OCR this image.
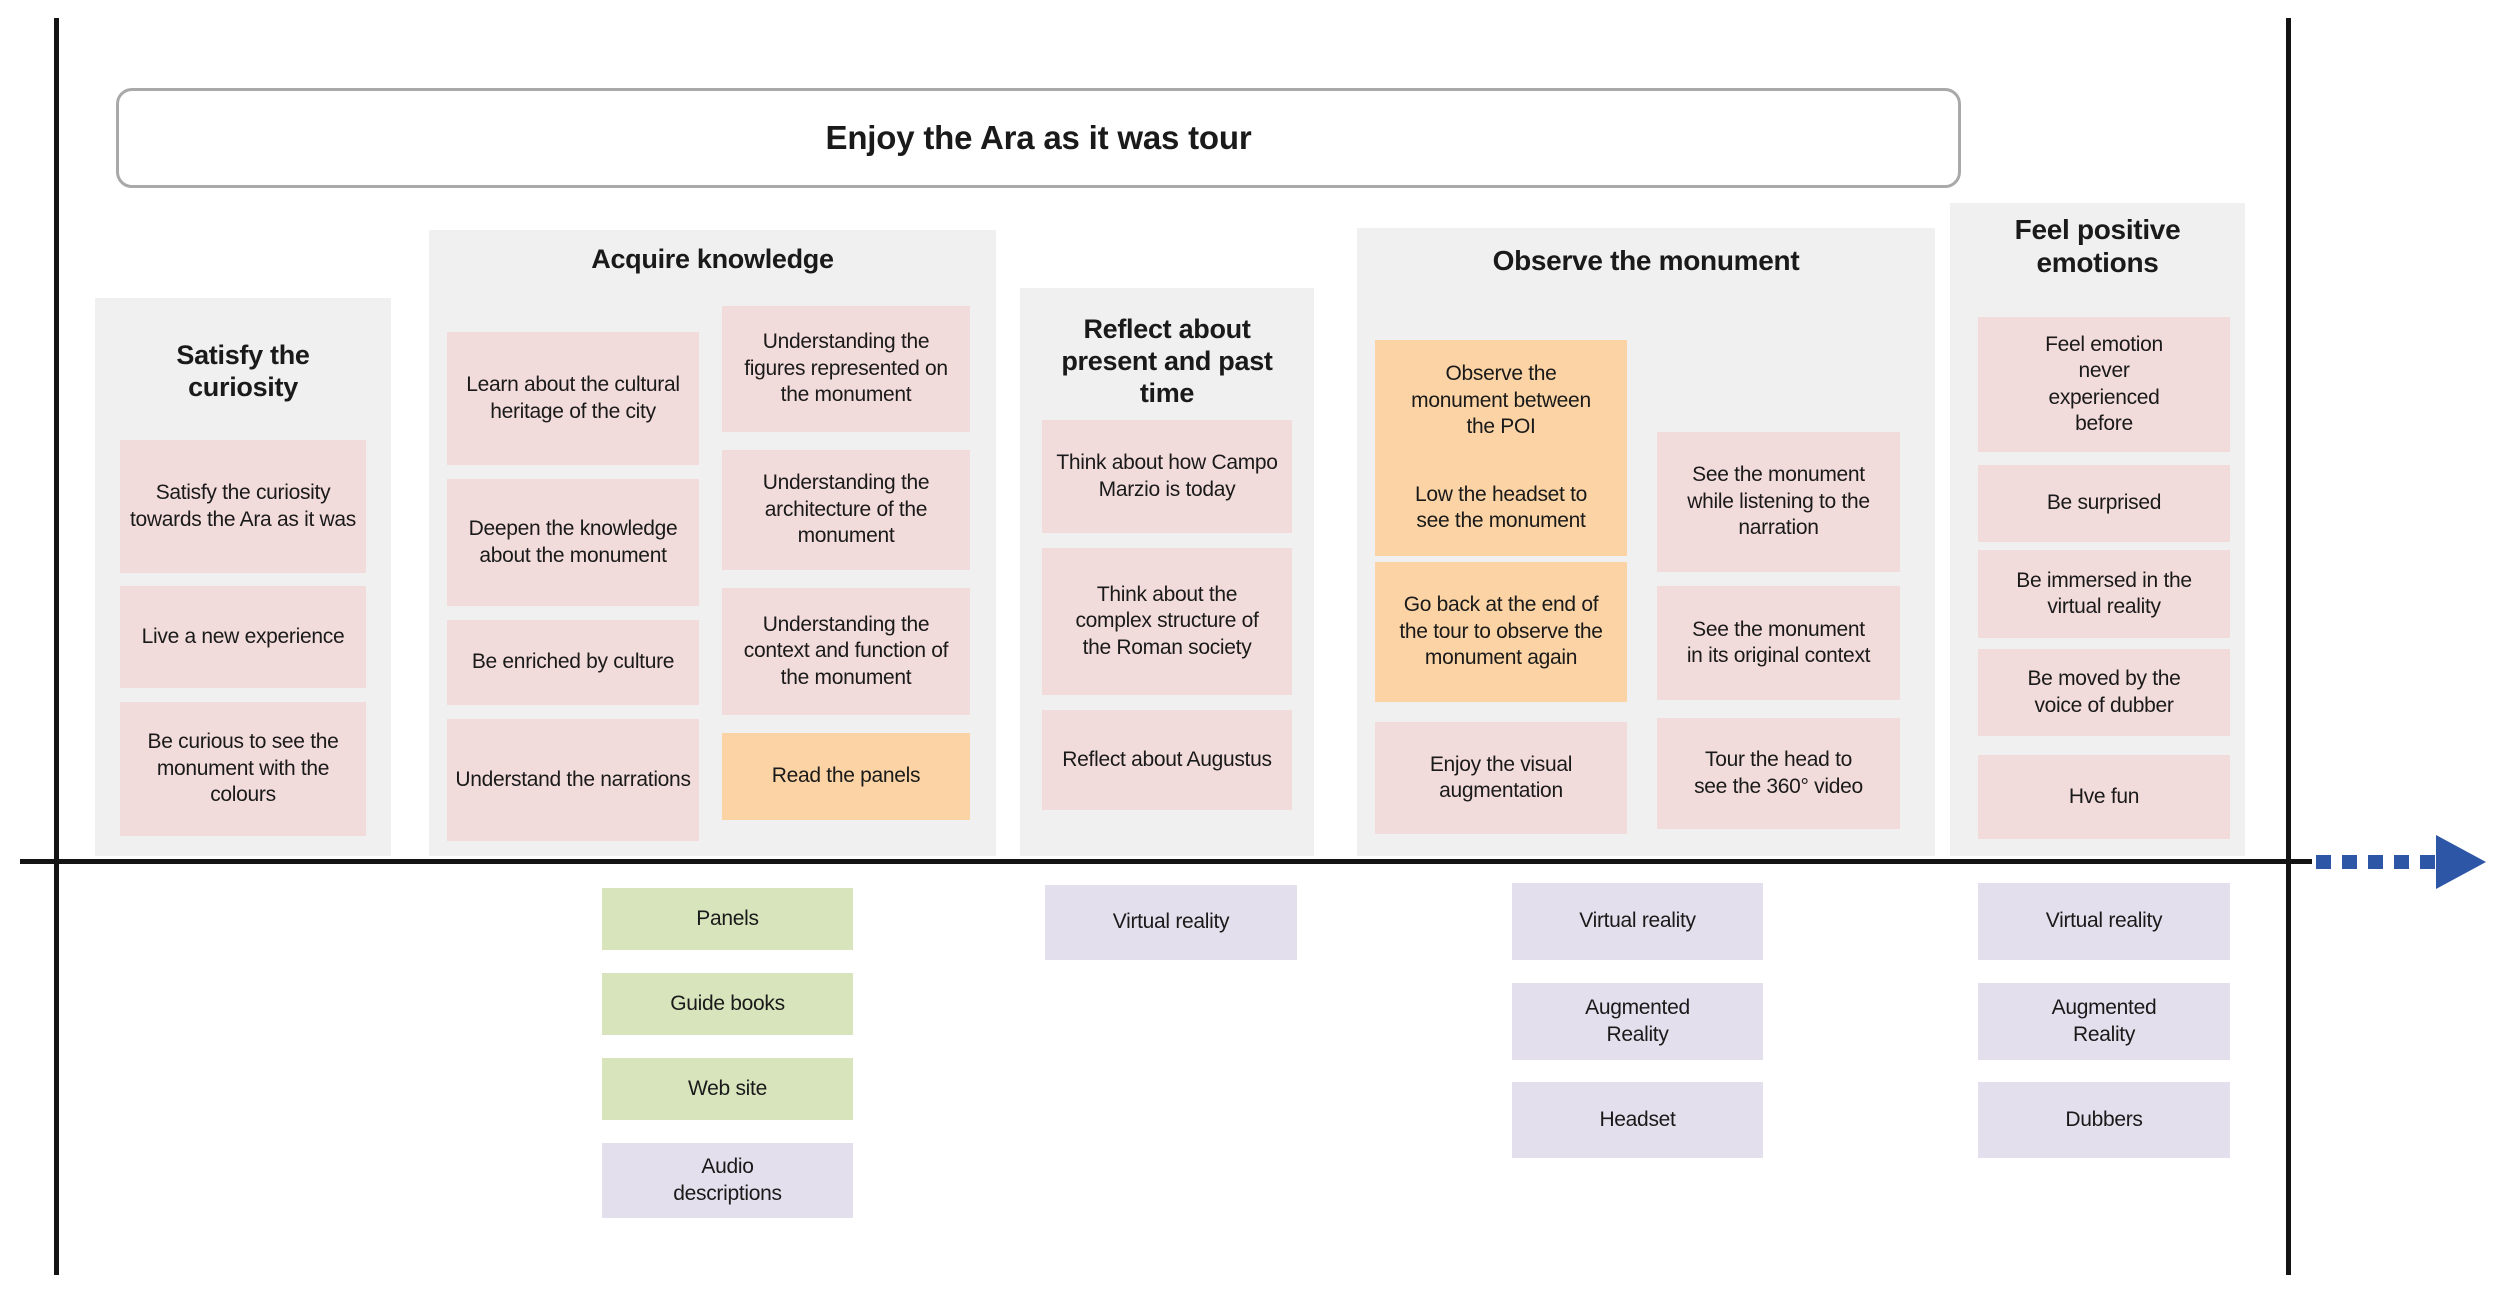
Enjoy the Ara as it was tour
Satisfy the curiosity
Satisfy the curiosity towards the Ara as it was
Live a new experience
Be curious to see the monument with the colours
Acquire knowledge
Learn about the cultural heritage of the city
Deepen the knowledge about the monument
Be enriched by culture
Understand the narrations
Understanding the figures represented on the monument
Understanding the architecture of the monument
Understanding the context and function of the monument
Read the panels
Reflect about present and past time
Think about how Campo Marzio is today
Think about the complex structure of the Roman society
Reflect about Augustus
Observe the monument
Observe the monument between the POI
Low the headset to see the monument
Go back at the end of the tour to observe the monument again
Enjoy the visual augmentation
See the monument while listening to the narration
See the monument in its original context
Tour the head to see the 360° video
Feel positive emotions
Feel emotion never experienced before
Be surprised
Be immersed in the virtual reality
Be moved by the voice of dubber
Hve fun
Panels
Guide books
Web site
Audio descriptions
Virtual reality	Virtual reality
Augmented Reality
Headset
Virtual reality
Augmented Reality
Dubbers
